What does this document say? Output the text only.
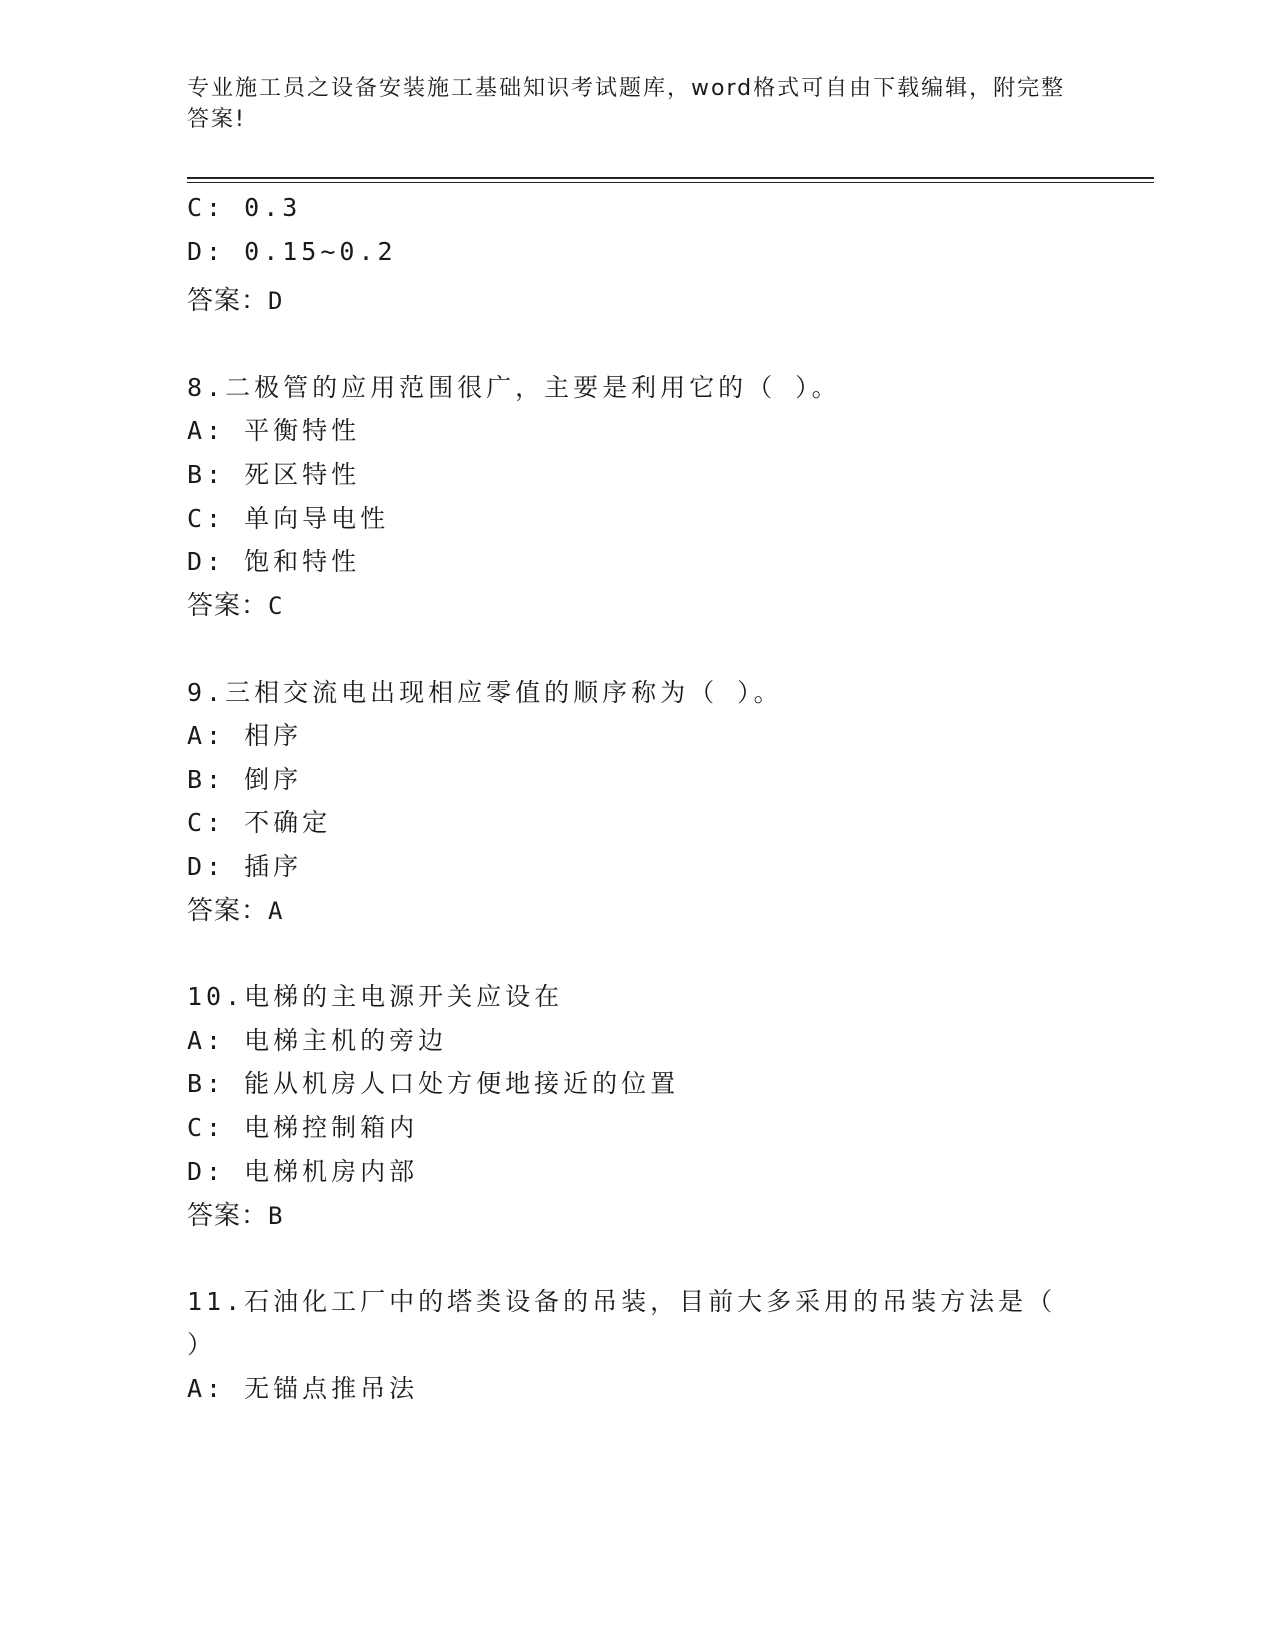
专业施工员之设备安装施工基础知识考试题库，word格式可自由下载编辑，附完整答案!
C: 0.3
D: 0.15~0.2
答案：D
8.二极管的应用范围很广，主要是利用它的（ ）。
A: 平衡特性
B: 死区特性
C: 单向导电性
D: 饱和特性
答案：C
9.三相交流电出现相应零值的顺序称为（ ）。
A: 相序
B: 倒序
C: 不确定
D: 插序
答案：A
10.电梯的主电源开关应设在
A: 电梯主机的旁边
B: 能从机房人口处方便地接近的位置
C: 电梯控制箱内
D: 电梯机房内部
答案：B
11.石油化工厂中的塔类设备的吊装，目前大多采用的吊装方法是（
）
A: 无锚点推吊法
